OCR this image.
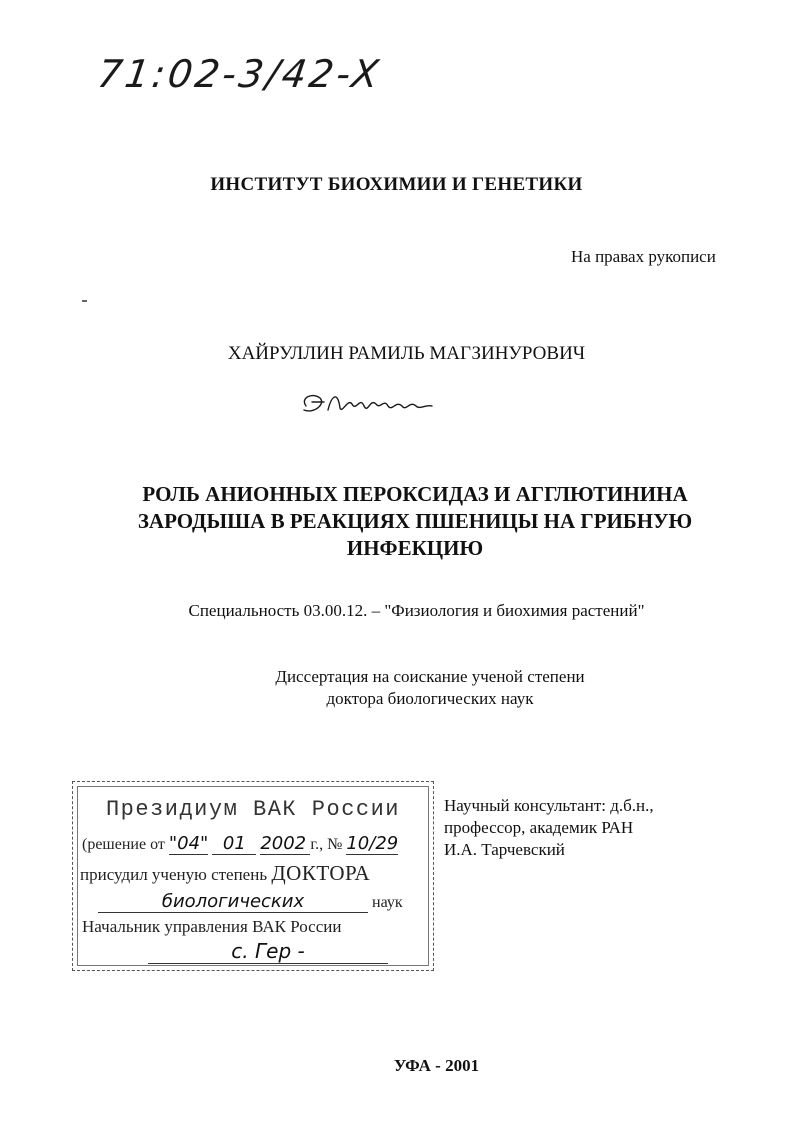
71:02-3/42-X
ИНСТИТУТ БИОХИМИИ И ГЕНЕТИКИ
На правах рукописи
ХАЙРУЛЛИН РАМИЛЬ МАГЗИНУРОВИЧ
РОЛЬ АНИОННЫХ ПЕРОКСИДАЗ И АГГЛЮТИНИНА
ЗАРОДЫША В РЕАКЦИЯХ ПШЕНИЦЫ НА ГРИБНУЮ
ИНФЕКЦИЮ
Специальность 03.00.12. – "Физиология и биохимия растений"
Диссертация на соискание ученой степени
доктора биологических наук
Президиум ВАК России
(решение от "04" 01 2002 г., № 10/29
присудил ученую степень ДОКТОРА
биологических	наук
Начальник управления ВАК России
с. Гер -
Научный консультант: д.б.н.,
профессор, академик РАН
И.А. Тарчевский
УФА - 2001
